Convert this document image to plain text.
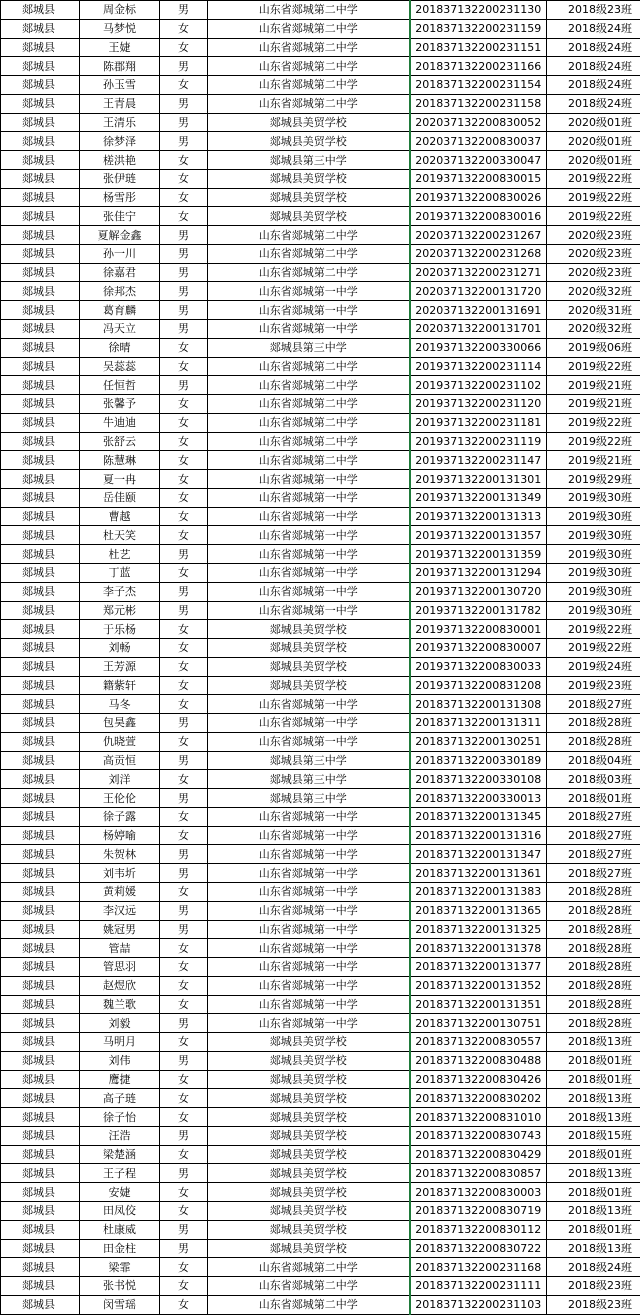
郯城县	周金标	男	山东省郯城第二中学	201837132200231130	2018级23班
郯城县	马梦悦	女	山东省郯城第二中学	201837132200231159	2018级24班
郯城县	王婕	女	山东省郯城第二中学	201837132200231151	2018级24班
郯城县	陈郡翔	男	山东省郯城第二中学	201837132200231166	2018级24班
郯城县	孙玉雪	女	山东省郯城第二中学	201837132200231154	2018级24班
郯城县	王青晨	男	山东省郯城第二中学	201837132200231158	2018级24班
郯城县	王清乐	男	郯城县美贸学校	202037132200830052	2020级01班
郯城县	徐梦泽	男	郯城县美贸学校	202037132200830037	2020级01班
郯城县	槎洪艳	女	郯城县第三中学	202037132200330047	2020级01班
郯城县	张伊琏	女	郯城县美贸学校	201937132200830015	2019级22班
郯城县	杨雪彤	女	郯城县美贸学校	201937132200830026	2019级22班
郯城县	张佳宁	女	郯城县美贸学校	201937132200830016	2019级22班
郯城县	夏解金鑫	男	山东省郯城第二中学	202037132200231267	2020级23班
郯城县	孙一川	男	山东省郯城第二中学	202037132200231268	2020级23班
郯城县	徐嘉君	男	山东省郯城第二中学	202037132200231271	2020级23班
郯城县	徐邦杰	男	山东省郯城第一中学	202037132200131720	2020级32班
郯城县	葛育麟	男	山东省郯城第一中学	202037132200131691	2020级31班
郯城县	冯天立	男	山东省郯城第一中学	202037132200131701	2020级32班
郯城县	徐晴	女	郯城县第三中学	201937132200330066	2019级06班
郯城县	吴蕊蕊	女	山东省郯城第二中学	201937132200231114	2019级22班
郯城县	任恒哲	男	山东省郯城第二中学	201937132200231102	2019级21班
郯城县	张馨予	女	山东省郯城第二中学	201937132200231120	2019级21班
郯城县	牛迪迪	女	山东省郯城第二中学	201937132200231181	2019级22班
郯城县	张舒云	女	山东省郯城第二中学	201937132200231119	2019级22班
郯城县	陈慧琳	女	山东省郯城第二中学	201937132200231147	2019级21班
郯城县	夏一冉	女	山东省郯城第一中学	201937132200131301	2019级29班
郯城县	岳佳颐	女	山东省郯城第一中学	201937132200131349	2019级30班
郯城县	曹越	女	山东省郯城第一中学	201937132200131313	2019级30班
郯城县	杜天笑	女	山东省郯城第一中学	201937132200131357	2019级30班
郯城县	杜艺	男	山东省郯城第一中学	201937132200131359	2019级30班
郯城县	丁蓝	女	山东省郯城第一中学	201937132200131294	2019级30班
郯城县	李子杰	男	山东省郯城第一中学	201937132200130720	2019级30班
郯城县	郑元彬	男	山东省郯城第一中学	201937132200131782	2019级30班
郯城县	于乐杨	女	郯城县美贸学校	201937132200830001	2019级22班
郯城县	刘畅	女	郯城县美贸学校	201937132200830007	2019级22班
郯城县	王芳源	女	郯城县美贸学校	201937132200830033	2019级24班
郯城县	籍紫轩	女	郯城县美贸学校	201937132200831208	2019级23班
郯城县	马冬	女	山东省郯城第一中学	201837132200131308	2018级27班
郯城县	包昊鑫	男	山东省郯城第一中学	201837132200131311	2018级28班
郯城县	仇晓萱	女	山东省郯城第一中学	201837132200130251	2018级28班
郯城县	高贡恒	男	郯城县第三中学	201837132200330189	2018级04班
郯城县	刘洋	女	郯城县第三中学	201837132200330108	2018级03班
郯城县	王伦伦	男	郯城县第三中学	201837132200330013	2018级01班
郯城县	徐子露	女	山东省郯城第一中学	201837132200131345	2018级27班
郯城县	杨婷喻	女	山东省郯城第一中学	201837132200131316	2018级27班
郯城县	朱贺林	男	山东省郯城第一中学	201837132200131347	2018级27班
郯城县	刘韦圻	男	山东省郯城第一中学	201837132200131361	2018级27班
郯城县	黄莉媛	女	山东省郯城第一中学	201837132200131383	2018级28班
郯城县	李汉远	男	山东省郯城第一中学	201837132200131365	2018级28班
郯城县	姚冠男	男	山东省郯城第一中学	201837132200131325	2018级28班
郯城县	管喆	女	山东省郯城第一中学	201837132200131378	2018级28班
郯城县	管思羽	女	山东省郯城第一中学	201837132200131377	2018级28班
郯城县	赵煜欣	女	山东省郯城第一中学	201837132200131352	2018级28班
郯城县	魏兰歌	女	山东省郯城第一中学	201837132200131351	2018级28班
郯城县	刘毅	男	山东省郯城第一中学	201837132200130751	2018级28班
郯城县	马明月	女	郯城县美贸学校	201837132200830557	2018级13班
郯城县	刘伟	男	郯城县美贸学校	201837132200830488	2018级01班
郯城县	鹰捷	女	郯城县美贸学校	201837132200830426	2018级01班
郯城县	高子琏	女	郯城县美贸学校	201837132200830202	2018级13班
郯城县	徐子怡	女	郯城县美贸学校	201837132200831010	2018级13班
郯城县	汪浩	男	郯城县美贸学校	201837132200830743	2018级15班
郯城县	梁楚涵	女	郯城县美贸学校	201837132200830429	2018级01班
郯城县	王子程	男	郯城县美贸学校	201837132200830857	2018级13班
郯城县	安婕	女	郯城县美贸学校	201837132200830003	2018级01班
郯城县	田凤佼	女	郯城县美贸学校	201837132200830719	2018级13班
郯城县	杜康威	男	郯城县美贸学校	201837132200830112	2018级01班
郯城县	田金柱	男	郯城县美贸学校	201837132200830722	2018级13班
郯城县	梁霏	女	山东省郯城第二中学	201837132200231168	2018级24班
郯城县	张书悦	女	山东省郯城第二中学	201837132200231111	2018级23班
郯城县	闵雪瑶	女	山东省郯城第二中学	201837132200231103	2018级23班
